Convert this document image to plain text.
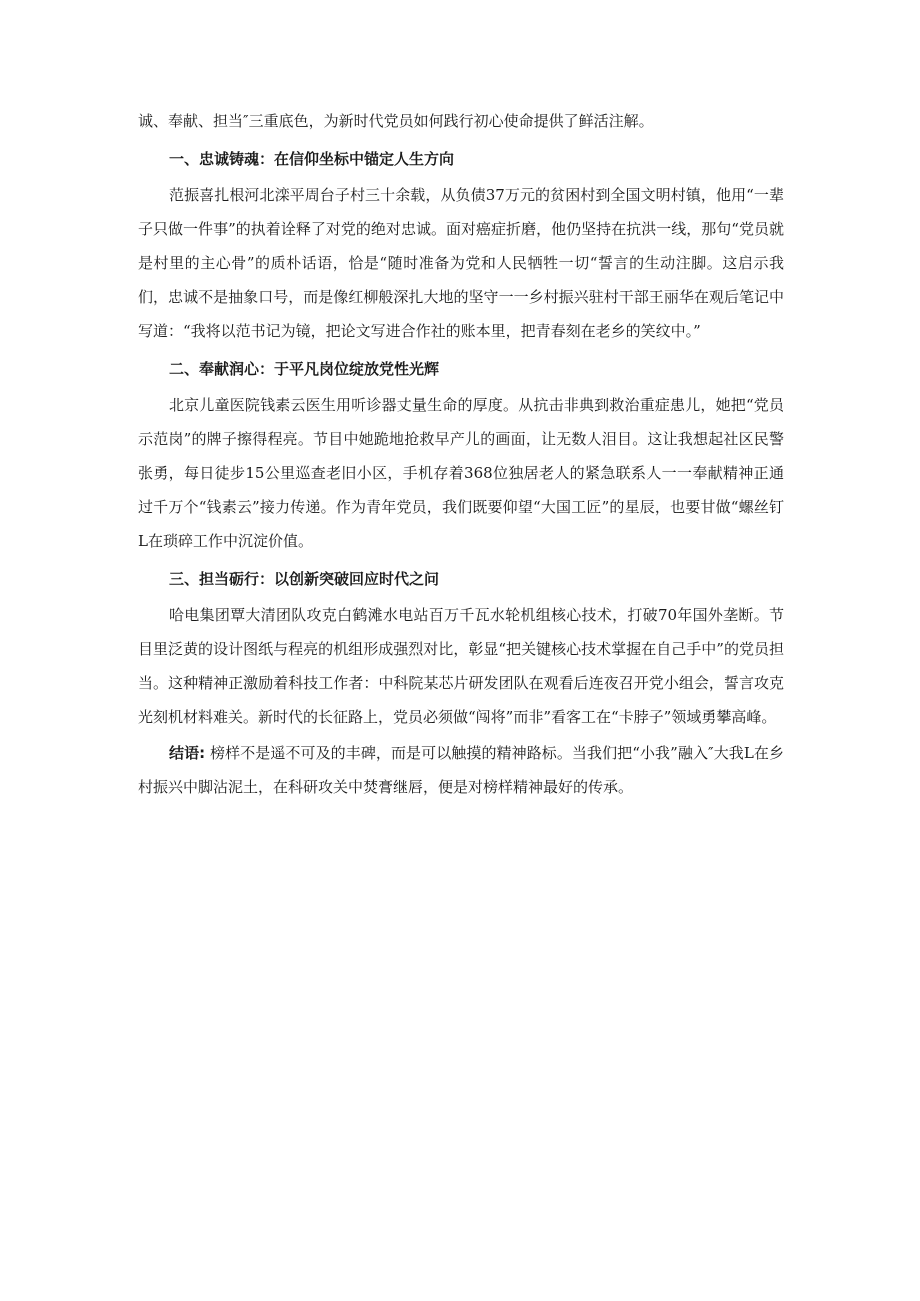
诚、奉献、担当″三重底色，为新时代党员如何践行初心使命提供了鲜活注解。

一、忠诚铸魂：在信仰坐标中锚定人生方向

范振喜扎根河北滦平周台子村三十余载，从负债37万元的贫困村到全国文明村镇，他用“一辈子只做一件事”的执着诠释了对党的绝对忠诚。面对癌症折磨，他仍坚持在抗洪一线，那句“党员就是村里的主心骨”的质朴话语，恰是“随时准备为党和人民牺牲一切“誓言的生动注脚。这启示我们，忠诚不是抽象口号，而是像红柳般深扎大地的坚守一一乡村振兴驻村干部王丽华在观后笔记中写道：“我将以范书记为镜，把论文写进合作社的账本里，把青春刻在老乡的笑纹中。”

二、奉献润心：于平凡岗位绽放党性光辉

北京儿童医院钱素云医生用听诊器丈量生命的厚度。从抗击非典到救治重症患儿，她把“党员示范岗”的牌子擦得程亮。节目中她跪地抢救早产儿的画面，让无数人泪目。这让我想起社区民警张勇，每日徒步15公里巡查老旧小区，手机存着368位独居老人的紧急联系人一一奉献精神正通过千万个“钱素云”接力传递。作为青年党员，我们既要仰望“大国工匠”的星辰，也要甘做“螺丝钉L在琐碎工作中沉淀价值。

三、担当砺行：以创新突破回应时代之问

哈电集团覃大清团队攻克白鹤滩水电站百万千瓦水轮机组核心技术，打破70年国外垄断。节目里泛黄的设计图纸与程亮的机组形成强烈对比，彰显“把关键核心技术掌握在自己手中”的党员担当。这种精神正激励着科技工作者：中科院某芯片研发团队在观看后连夜召开党小组会，誓言攻克光刻机材料难关。新时代的长征路上，党员必须做“闯将”而非”看客工在“卡脖子”领域勇攀高峰。

结语: 榜样不是遥不可及的丰碑，而是可以触摸的精神路标。当我们把“小我”融入″大我L在乡村振兴中脚沾泥土，在科研攻关中焚膏继唇，便是对榜样精神最好的传承。
